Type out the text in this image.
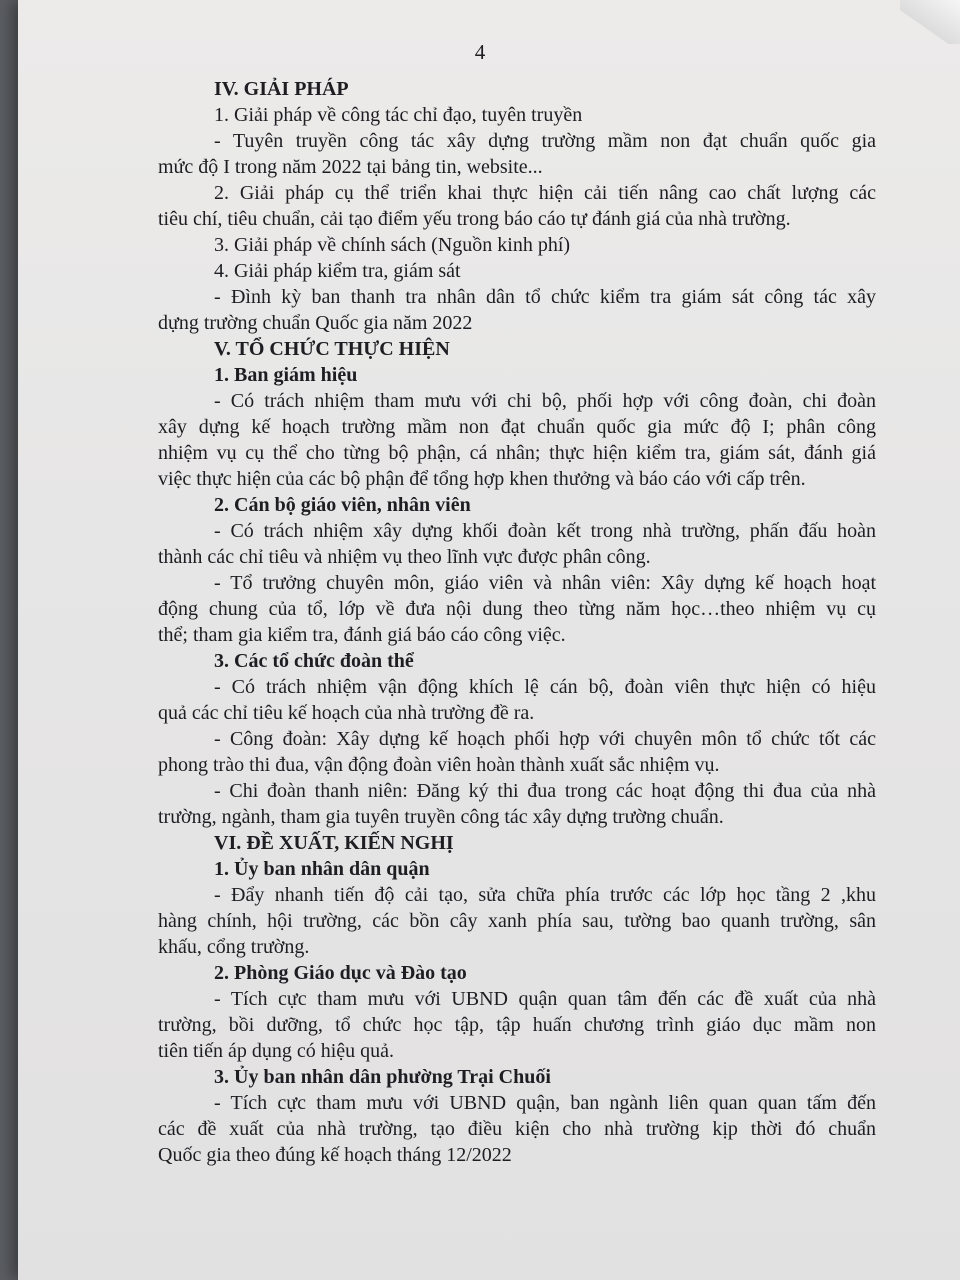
4
IV. GIẢI PHÁP
1. Giải pháp về công tác chỉ đạo, tuyên truyền
- Tuyên truyền công tác xây dựng trường mầm non đạt chuẩn quốc gia
mức độ I trong năm 2022 tại bảng tin, website...
2. Giải pháp cụ thể triển khai thực hiện cải tiến nâng cao chất lượng các
tiêu chí, tiêu chuẩn, cải tạo điểm yếu trong báo cáo tự đánh giá của nhà trường.
3. Giải pháp về chính sách (Nguồn kinh phí)
4. Giải pháp kiểm tra, giám sát
- Đình kỳ ban thanh tra nhân dân tổ chức kiểm tra giám sát công tác xây
dựng trường chuẩn Quốc gia năm 2022
V. TỔ CHỨC THỰC HIỆN
1. Ban giám hiệu
- Có trách nhiệm tham mưu với chi bộ, phối hợp với công đoàn, chi đoàn
xây dựng kế hoạch trường mầm non đạt chuẩn quốc gia mức độ I; phân công
nhiệm vụ cụ thể cho từng bộ phận, cá nhân; thực hiện kiểm tra, giám sát, đánh giá
việc thực hiện của các bộ phận để tổng hợp khen thưởng và báo cáo với cấp trên.
2. Cán bộ giáo viên, nhân viên
- Có trách nhiệm xây dựng khối đoàn kết trong nhà trường, phấn đấu hoàn
thành các chỉ tiêu và nhiệm vụ theo lĩnh vực được phân công.
- Tổ trưởng chuyên môn, giáo viên và nhân viên: Xây dựng kế hoạch hoạt
động chung của tổ, lớp về đưa nội dung theo từng năm học…theo nhiệm vụ cụ
thể; tham gia kiểm tra, đánh giá báo cáo công việc.
3. Các tổ chức đoàn thể
- Có trách nhiệm vận động khích lệ cán bộ, đoàn viên thực hiện có hiệu
quả các chỉ tiêu kế hoạch của nhà trường đề ra.
- Công đoàn: Xây dựng kế hoạch phối hợp với chuyên môn tổ chức tốt các
phong trào thi đua, vận động đoàn viên hoàn thành xuất sắc nhiệm vụ.
- Chi đoàn thanh niên: Đăng ký thi đua trong các hoạt động thi đua của nhà
trường, ngành, tham gia tuyên truyền công tác xây dựng trường chuẩn.
VI. ĐỀ XUẤT, KIẾN NGHỊ
1. Ủy ban nhân dân quận
- Đẩy nhanh tiến độ cải tạo, sửa chữa phía trước các lớp học tầng 2 ,khu
hàng chính, hội trường, các bồn cây xanh phía sau, tường bao quanh trường, sân
khấu, cổng trường.
2. Phòng Giáo dục và Đào tạo
- Tích cực tham mưu với UBND quận quan tâm đến các đề xuất của nhà
trường, bồi dưỡng, tổ chức học tập, tập huấn chương trình giáo dục mầm non
tiên tiến áp dụng có hiệu quả.
3. Ủy ban nhân dân phường Trại Chuối
- Tích cực tham mưu với UBND quận, ban ngành liên quan quan tấm đến
các đề xuất của nhà trường, tạo điều kiện cho nhà trường kịp thời đó chuẩn
Quốc gia theo đúng kế hoạch tháng 12/2022
